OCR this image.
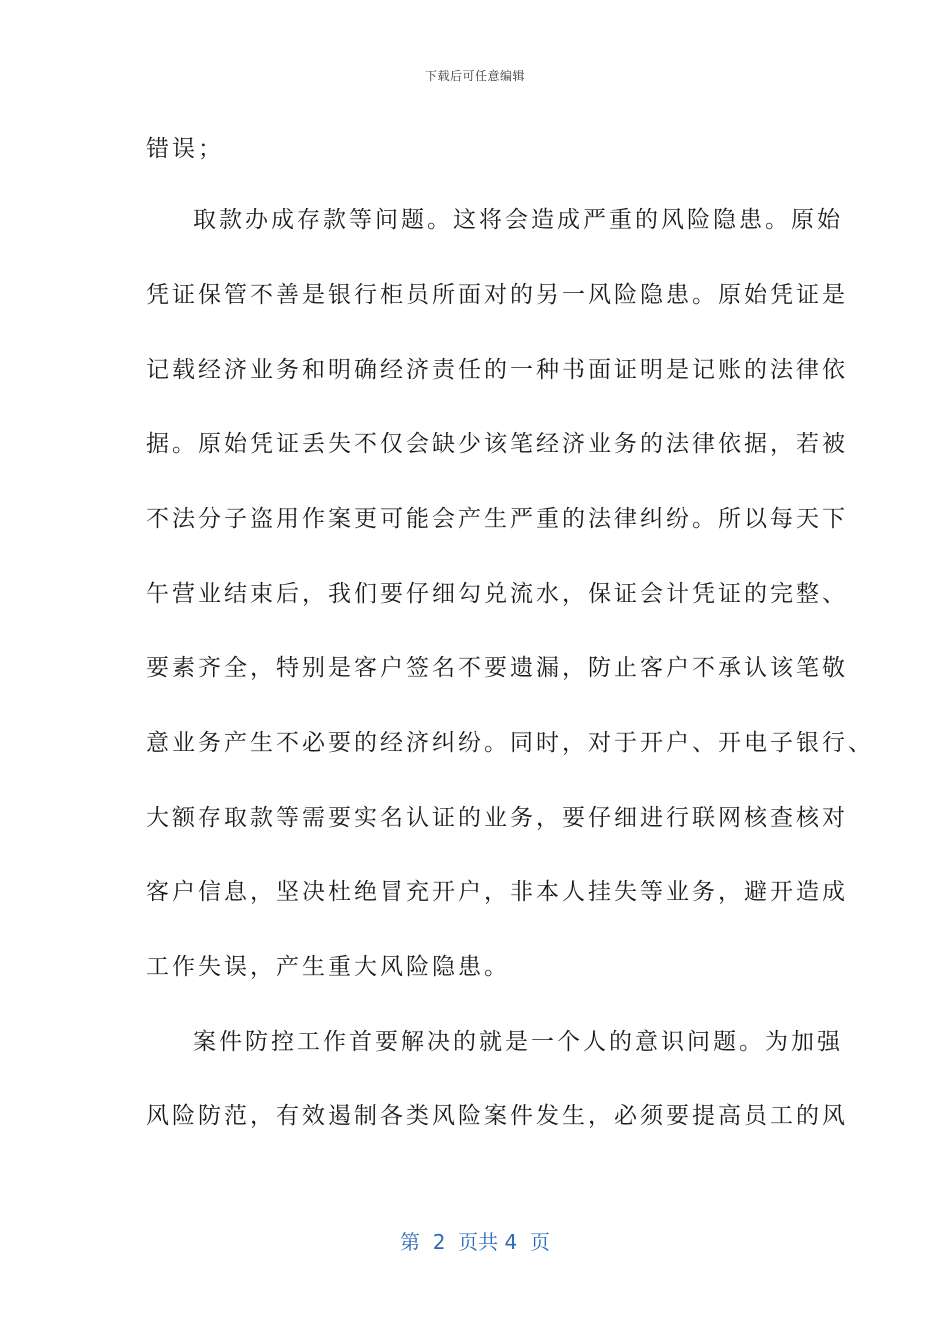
下载后可任意编辑
错误；
取款办成存款等问题。这将会造成严重的风险隐患。原始
凭证保管不善是银行柜员所面对的另一风险隐患。原始凭证是
记载经济业务和明确经济责任的一种书面证明是记账的法律依
据。原始凭证丢失不仅会缺少该笔经济业务的法律依据，若被
不法分子盗用作案更可能会产生严重的法律纠纷。所以每天下
午营业结束后，我们要仔细勾兑流水，保证会计凭证的完整、
要素齐全，特别是客户签名不要遗漏，防止客户不承认该笔敬
意业务产生不必要的经济纠纷。同时，对于开户、开电子银行、
大额存取款等需要实名认证的业务，要仔细进行联网核查核对
客户信息，坚决杜绝冒充开户，非本人挂失等业务，避开造成
工作失误，产生重大风险隐患。
案件防控工作首要解决的就是一个人的意识问题。为加强
风险防范，有效遏制各类风险案件发生，必须要提高员工的风
第  2  页共 4  页
